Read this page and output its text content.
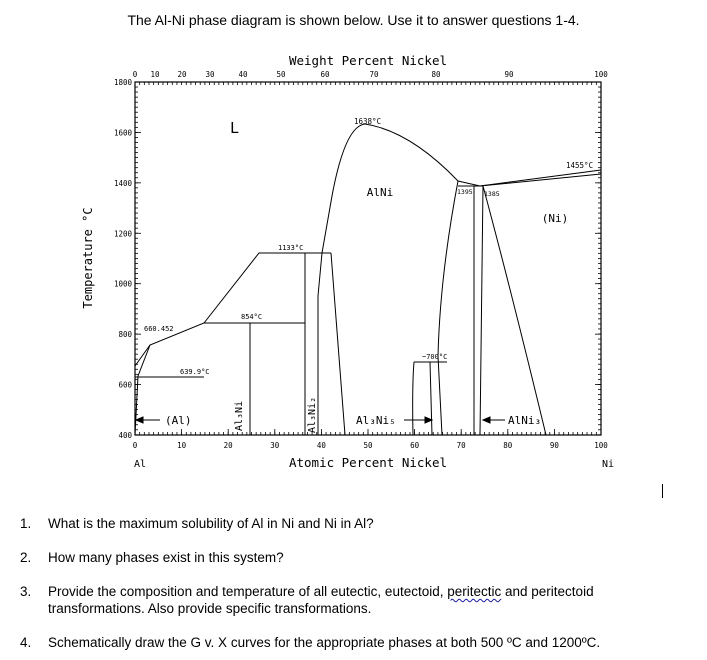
The Al-Ni phase diagram is shown below. Use it to answer questions 1-4.
Weight Percent Nickel
Atomic Percent Nickel
Al	Ni
Temperature °C
0 10 20	30	40	50	60	70	80	90	100
0	10	20	30	40	50	60	70	80	90	100
1800
1600
1400
1200
1000
800
600
400
L
AlNi
(Ni)
(Al)	Al₃Ni₅	AlNi₃
Al₃Ni	Al₃Ni₂
1638°C
1455°C
1395 1385
1133°C
854°C
660.452
639.9°C
~700°C
1. What is the maximum solubility of Al in Ni and Ni in Al?
2. How many phases exist in this system?
3. Provide the composition and temperature of all eutectic, eutectoid, peritectic and peritectoid
transformations. Also provide specific transformations.
4. Schematically draw the G v. X curves for the appropriate phases at both 500 ºC and 1200ºC.
